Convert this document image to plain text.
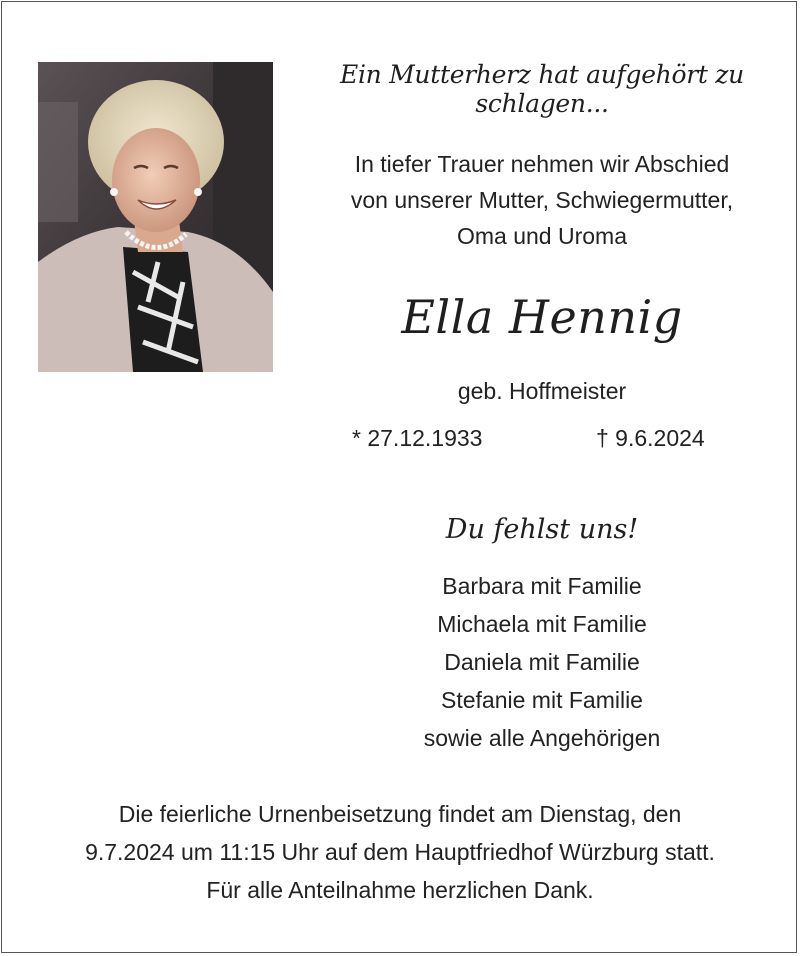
Ein Mutterherz hat aufgehört zu schlagen...
In tiefer Trauer nehmen wir Abschied
von unserer Mutter, Schwiegermutter,
Oma und Uroma
Ella Hennig
geb. Hoffmeister
* 27.12.1933	† 9.6.2024
Du fehlst uns!
Barbara mit Familie
Michaela mit Familie
Daniela mit Familie
Stefanie mit Familie
sowie alle Angehörigen
Die feierliche Urnenbeisetzung findet am Dienstag, den
9.7.2024 um 11:15 Uhr auf dem Hauptfriedhof Würzburg statt.
Für alle Anteilnahme herzlichen Dank.
